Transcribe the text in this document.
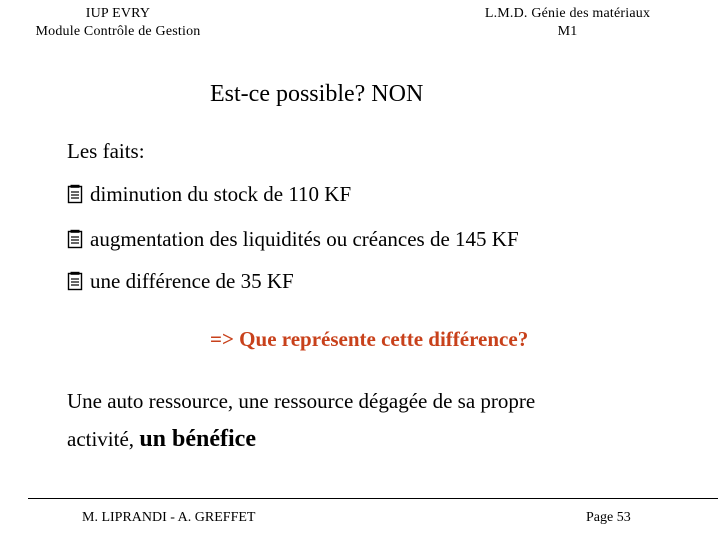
IUP EVRY
Module Contrôle de Gestion
L.M.D. Génie des matériaux
M1
Est-ce possible? NON
Les faits:
diminution du stock de 110 KF
augmentation des liquidités ou créances de 145 KF
une différence de 35 KF
=> Que représente cette différence?
Une auto ressource, une ressource dégagée de sa propre
activité, un bénéfice
M. LIPRANDI - A. GREFFET	Page 53
